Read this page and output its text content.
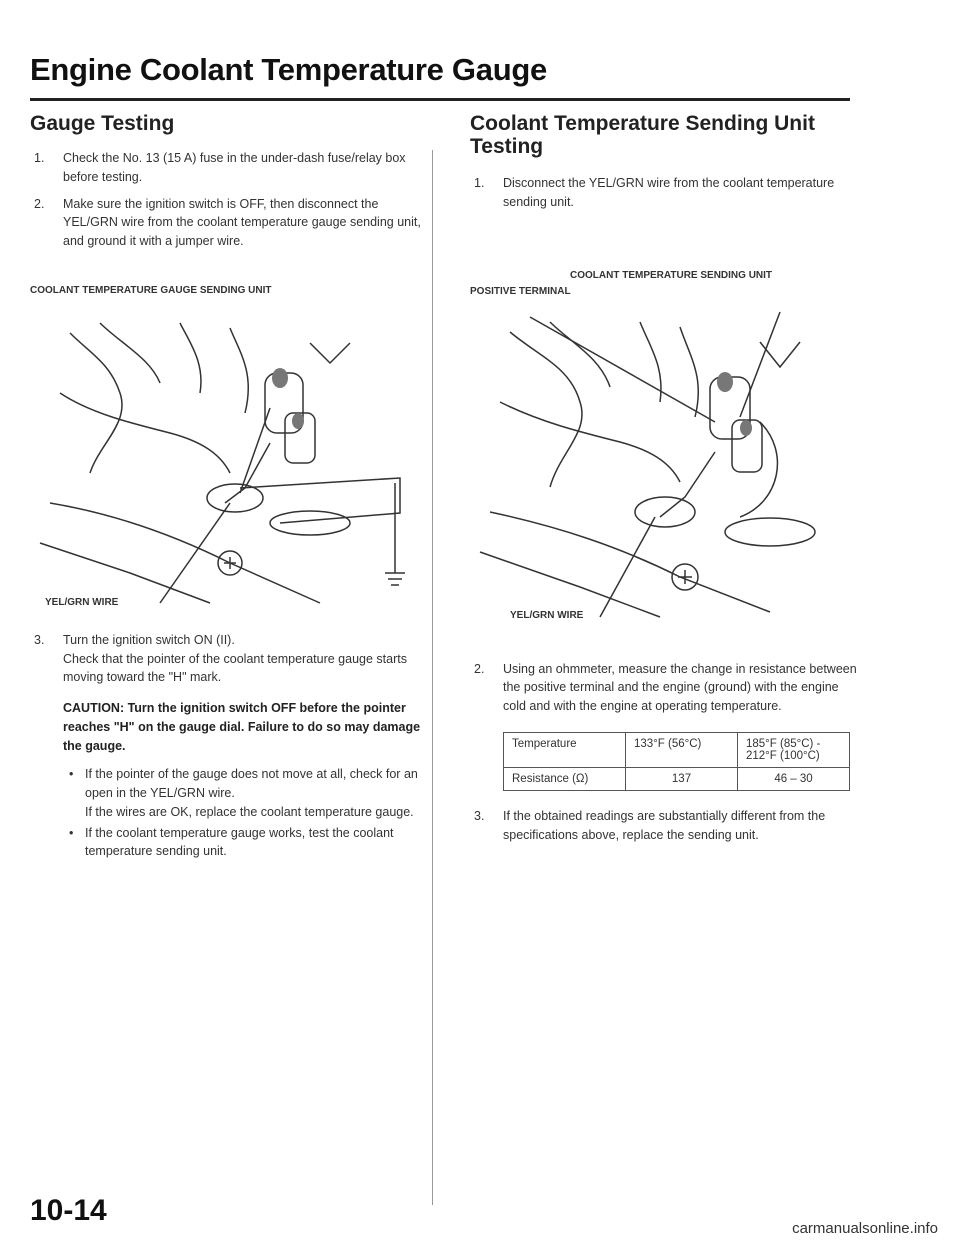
Engine Coolant Temperature Gauge
Gauge Testing
1. Check the No. 13 (15 A) fuse in the under-dash fuse/relay box before testing.
2. Make sure the ignition switch is OFF, then disconnect the YEL/GRN wire from the coolant temperature gauge sending unit, and ground it with a jumper wire.
COOLANT TEMPERATURE GAUGE SENDING UNIT
YEL/GRN WIRE
3. Turn the ignition switch ON (II).
Check that the pointer of the coolant temperature gauge starts moving toward the "H" mark.
CAUTION: Turn the ignition switch OFF before the pointer reaches "H" on the gauge dial. Failure to do so may damage the gauge.
• If the pointer of the gauge does not move at all, check for an open in the YEL/GRN wire.
If the wires are OK, replace the coolant temperature gauge.
• If the coolant temperature gauge works, test the coolant temperature sending unit.
Coolant Temperature Sending Unit Testing
1. Disconnect the YEL/GRN wire from the coolant temperature sending unit.
COOLANT TEMPERATURE SENDING UNIT
POSITIVE TERMINAL
YEL/GRN WIRE
2. Using an ohmmeter, measure the change in resistance between the positive terminal and the engine (ground) with the engine cold and with the engine at operating temperature.
Temperature	133°F (56°C)	185°F (85°C) - 212°F (100°C)
Resistance (Ω)	137	46 – 30
3. If the obtained readings are substantially different from the specifications above, replace the sending unit.
10-14
carmanualsonline.info
